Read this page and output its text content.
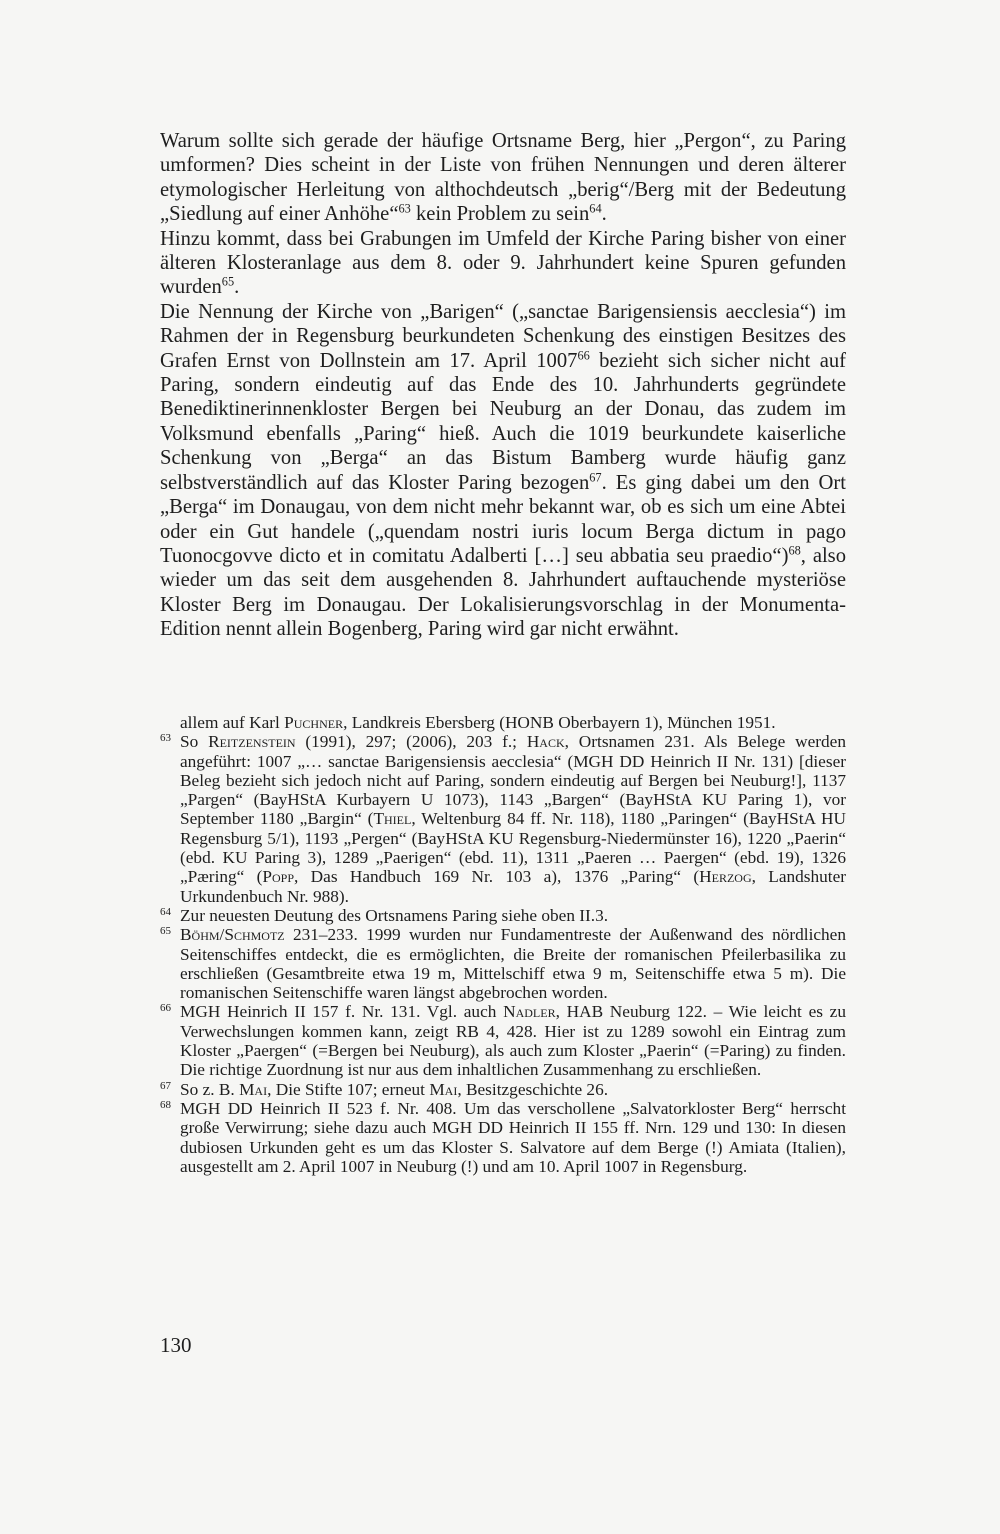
Warum sollte sich gerade der häufige Ortsname Berg, hier „Pergon“, zu Paring umformen? Dies scheint in der Liste von frühen Nennungen und deren älterer etymologischer Herleitung von althochdeutsch „berig“/Berg mit der Bedeutung „Siedlung auf einer Anhöhe“$^{63}$ kein Problem zu sein$^{64}$.

Hinzu kommt, dass bei Grabungen im Umfeld der Kirche Paring bisher von einer älteren Klosteranlage aus dem 8. oder 9. Jahrhundert keine Spuren gefunden wurden$^{65}$.

Die Nennung der Kirche von „Barigen“ („sanctae Barigensiensis aecclesia“) im Rahmen der in Regensburg beurkundeten Schenkung des einstigen Besitzes des Grafen Ernst von Dollnstein am 17. April 1007$^{66}$ bezieht sich sicher nicht auf Paring, sondern eindeutig auf das Ende des 10. Jahrhunderts gegründete Benediktinerinnenkloster Bergen bei Neuburg an der Donau, das zudem im Volksmund ebenfalls „Paring“ hieß. Auch die 1019 beurkundete kaiserliche Schenkung von „Berga“ an das Bistum Bamberg wurde häufig ganz selbstverständlich auf das Kloster Paring bezogen$^{67}$. Es ging dabei um den Ort „Berga“ im Donaugau, von dem nicht mehr bekannt war, ob es sich um eine Abtei oder ein Gut handele („quendam nostri iuris locum Berga dictum in pago Tuonocgovve dicto et in comitatu Adalberti […] seu abbatia seu praedio“)$^{68}$, also wieder um das seit dem ausgehenden 8. Jahrhundert auftauchende mysteriöse Kloster Berg im Donaugau. Der Lokalisierungsvorschlag in der Monumenta-Edition nennt allein Bogenberg, Paring wird gar nicht erwähnt.

allem auf Karl Puchner, Landkreis Ebersberg (HONB Oberbayern 1), München 1951.
63 So Reitzenstein (1991), 297; (2006), 203 f.; Hack, Ortsnamen 231. Als Belege werden angeführt: 1007 „… sanctae Barigensiensis aecclesia“ (MGH DD Heinrich II Nr. 131) [dieser Beleg bezieht sich jedoch nicht auf Paring, sondern eindeutig auf Bergen bei Neuburg!], 1137 „Pargen“ (BayHStA Kurbayern U 1073), 1143 „Bargen“ (BayHStA KU Paring 1), vor September 1180 „Bargin“ (Thiel, Weltenburg 84 ff. Nr. 118), 1180 „Paringen“ (BayHStA HU Regensburg 5/1), 1193 „Pergen“ (BayHStA KU Regensburg-Niedermünster 16), 1220 „Paerin“ (ebd. KU Paring 3), 1289 „Paerigen“ (ebd. 11), 1311 „Paeren … Paergen“ (ebd. 19), 1326 „Pæring“ (Popp, Das Handbuch 169 Nr. 103 a), 1376 „Paring“ (Herzog, Landshuter Urkundenbuch Nr. 988).
64 Zur neuesten Deutung des Ortsnamens Paring siehe oben II.3.
65 Böhm/Schmotz 231–233. 1999 wurden nur Fundamentreste der Außenwand des nördlichen Seitenschiffes entdeckt, die es ermöglichten, die Breite der romanischen Pfeilerbasilika zu erschließen (Gesamtbreite etwa 19 m, Mittelschiff etwa 9 m, Seitenschiffe etwa 5 m). Die romanischen Seitenschiffe waren längst abgebrochen worden.
66 MGH Heinrich II 157 f. Nr. 131. Vgl. auch Nadler, HAB Neuburg 122. – Wie leicht es zu Verwechslungen kommen kann, zeigt RB 4, 428. Hier ist zu 1289 sowohl ein Eintrag zum Kloster „Paergen“ (=Bergen bei Neuburg), als auch zum Kloster „Paerin“ (=Paring) zu finden. Die richtige Zuordnung ist nur aus dem inhaltlichen Zusammenhang zu erschließen.
67 So z. B. Mai, Die Stifte 107; erneut Mai, Besitzgeschichte 26.
68 MGH DD Heinrich II 523 f. Nr. 408. Um das verschollene „Salvatorkloster Berg“ herrscht große Verwirrung; siehe dazu auch MGH DD Heinrich II 155 ff. Nrn. 129 und 130: In diesen dubiosen Urkunden geht es um das Kloster S. Salvatore auf dem Berge (!) Amiata (Italien), ausgestellt am 2. April 1007 in Neuburg (!) und am 10. April 1007 in Regensburg.
130
